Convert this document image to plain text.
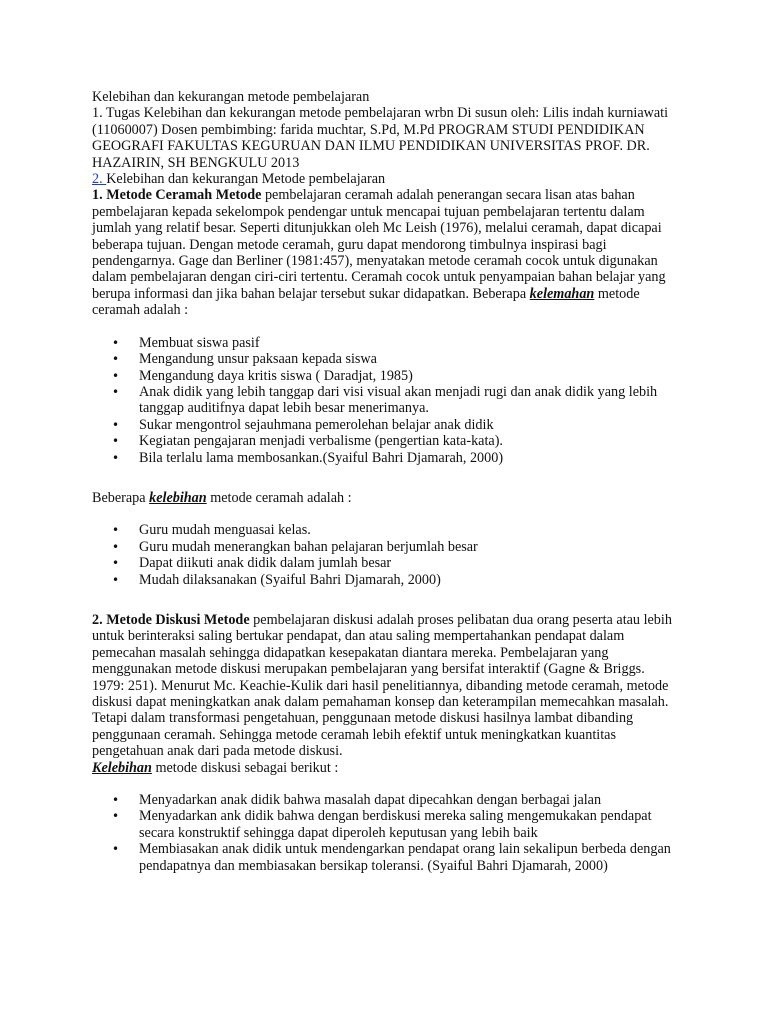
Kelebihan dan kekurangan metode pembelajaran

1. Tugas Kelebihan dan kekurangan metode pembelajaran wrbn Di susun oleh: Lilis indah kurniawati (11060007) Dosen pembimbing: farida muchtar, S.Pd, M.Pd PROGRAM STUDI PENDIDIKAN GEOGRAFI FAKULTAS KEGURUAN DAN ILMU PENDIDIKAN UNIVERSITAS PROF. DR. HAZAIRIN, SH BENGKULU 2013

2. Kelebihan dan kekurangan Metode pembelajaran

1. Metode Ceramah Metode pembelajaran ceramah adalah penerangan secara lisan atas bahan pembelajaran kepada sekelompok pendengar untuk mencapai tujuan pembelajaran tertentu dalam jumlah yang relatif besar. Seperti ditunjukkan oleh Mc Leish (1976), melalui ceramah, dapat dicapai beberapa tujuan. Dengan metode ceramah, guru dapat mendorong timbulnya inspirasi bagi pendengarnya. Gage dan Berliner (1981:457), menyatakan metode ceramah cocok untuk digunakan dalam pembelajaran dengan ciri-ciri tertentu. Ceramah cocok untuk penyampaian bahan belajar yang berupa informasi dan jika bahan belajar tersebut sukar didapatkan. Beberapa kelemahan metode ceramah adalah :

• Membuat siswa pasif
• Mengandung unsur paksaan kepada siswa
• Mengandung daya kritis siswa ( Daradjat, 1985)
• Anak didik yang lebih tanggap dari visi visual akan menjadi rugi dan anak didik yang lebih tanggap auditifnya dapat lebih besar menerimanya.
• Sukar mengontrol sejauhmana pemerolehan belajar anak didik
• Kegiatan pengajaran menjadi verbalisme (pengertian kata-kata).
• Bila terlalu lama membosankan.(Syaiful Bahri Djamarah, 2000)

Beberapa kelebihan metode ceramah adalah :

• Guru mudah menguasai kelas.
• Guru mudah menerangkan bahan pelajaran berjumlah besar
• Dapat diikuti anak didik dalam jumlah besar
• Mudah dilaksanakan (Syaiful Bahri Djamarah, 2000)

2. Metode Diskusi Metode pembelajaran diskusi adalah proses pelibatan dua orang peserta atau lebih untuk berinteraksi saling bertukar pendapat, dan atau saling mempertahankan pendapat dalam pemecahan masalah sehingga didapatkan kesepakatan diantara mereka. Pembelajaran yang menggunakan metode diskusi merupakan pembelajaran yang bersifat interaktif (Gagne & Briggs. 1979: 251). Menurut Mc. Keachie-Kulik dari hasil penelitiannya, dibanding metode ceramah, metode diskusi dapat meningkatkan anak dalam pemahaman konsep dan keterampilan memecahkan masalah. Tetapi dalam transformasi pengetahuan, penggunaan metode diskusi hasilnya lambat dibanding penggunaan ceramah. Sehingga metode ceramah lebih efektif untuk meningkatkan kuantitas pengetahuan anak dari pada metode diskusi.

Kelebihan metode diskusi sebagai berikut :

• Menyadarkan anak didik bahwa masalah dapat dipecahkan dengan berbagai jalan
• Menyadarkan ank didik bahwa dengan berdiskusi mereka saling mengemukakan pendapat secara konstruktif sehingga dapat diperoleh keputusan yang lebih baik
• Membiasakan anak didik untuk mendengarkan pendapat orang lain sekalipun berbeda dengan pendapatnya dan membiasakan bersikap toleransi. (Syaiful Bahri Djamarah, 2000)
